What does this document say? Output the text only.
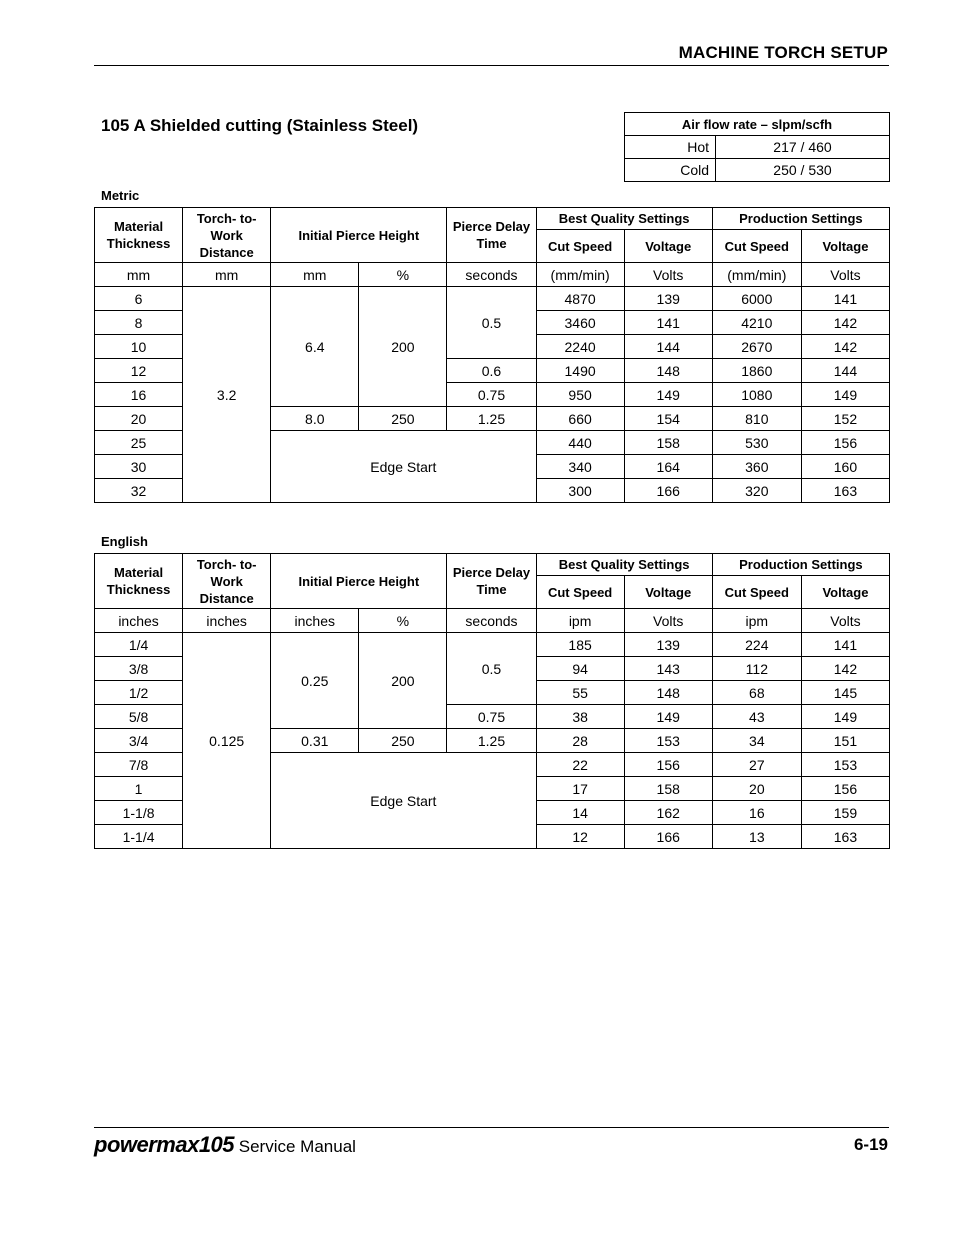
MACHINE TORCH SETUP
105 A Shielded cutting (Stainless Steel)	Air flow rate – slpm/scfh	
Hot	217 / 460
Cold	250 / 530
Metric
Material Thickness	Torch- to-Work Distance	Initial Pierce Height		Pierce Delay Time	Best Quality Settings		Production Settings	
					Cut Speed	Voltage	Cut Speed	Voltage
mm	mm	mm	%	seconds	(mm/min)	Volts	(mm/min)	Volts
6	3.2	6.4	200	0.5	4870	139	6000	141
8					3460	141	4210	142
10					2240	144	2670	142
12				0.6	1490	148	1860	144
16				0.75	950	149	1080	149
20		8.0	250	1.25	660	154	810	152
25		Edge Start			440	158	530	156
30					340	164	360	160
32					300	166	320	163
English
Material Thickness	Torch- to-Work Distance	Initial Pierce Height		Pierce Delay Time	Best Quality Settings		Production Settings	
					Cut Speed	Voltage	Cut Speed	Voltage
inches	inches	inches	%	seconds	ipm	Volts	ipm	Volts
1/4	0.125	0.25	200	0.5	185	139	224	141
3/8					94	143	112	142
1/2					55	148	68	145
5/8				0.75	38	149	43	149
3/4		0.31	250	1.25	28	153	34	151
7/8		Edge Start			22	156	27	153
1					17	158	20	156
1-1/8					14	162	16	159
1-1/4					12	166	13	163
powermax105 Service Manual	6-19
